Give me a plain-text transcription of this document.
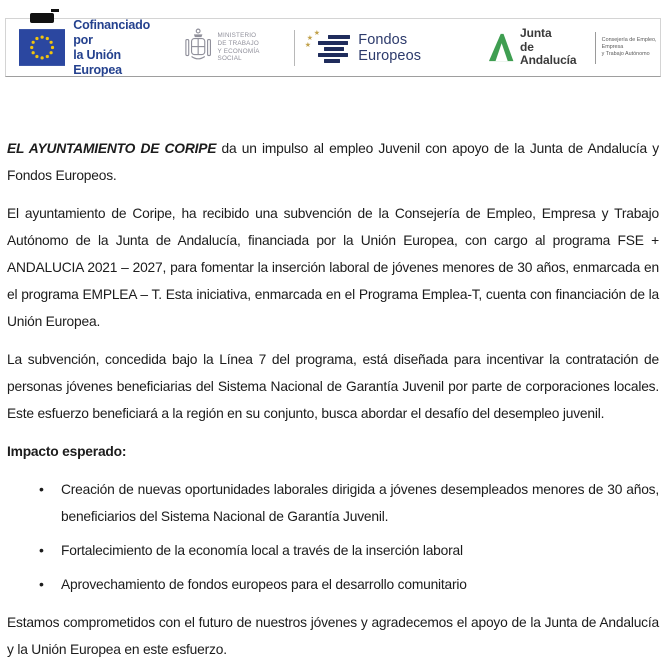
Cofinanciado por
la Unión Europea
MINISTERIO
DE TRABAJO
Y ECONOMÍA SOCIAL
★
★
★	Fondos Europeos
Junta
de Andalucía
Consejería de Empleo, Empresa
y Trabajo Autónomo

EL AYUNTAMIENTO DE CORIPE da un impulso al empleo Juvenil con apoyo de la Junta de Andalucía y Fondos Europeos.

El ayuntamiento de Coripe, ha recibido una subvención de la Consejería de Empleo, Empresa y Trabajo Autónomo de la Junta de Andalucía, financiada por la Unión Europea, con cargo al programa FSE + ANDALUCIA 2021 – 2027, para fomentar la inserción laboral de jóvenes menores de 30 años, enmarcada en el programa EMPLEA – T. Esta iniciativa, enmarcada en el Programa Emplea-T, cuenta con financiación de la Unión Europea.

La subvención, concedida bajo la Línea 7 del programa, está diseñada para incentivar la contratación de personas jóvenes beneficiarias del Sistema Nacional de Garantía Juvenil por parte de corporaciones locales. Este esfuerzo beneficiará a la región en su conjunto, busca abordar el desafío del desempleo juvenil.

Impacto esperado:

• Creación de nuevas oportunidades laborales dirigida a jóvenes desempleados menores de 30 años, beneficiarios del Sistema Nacional de Garantía Juvenil.
• Fortalecimiento de la economía local a través de la inserción laboral
• Aprovechamiento de fondos europeos para el desarrollo comunitario

Estamos comprometidos con el futuro de nuestros jóvenes y agradecemos el apoyo de la Junta de Andalucía y la Unión Europea en este esfuerzo.
